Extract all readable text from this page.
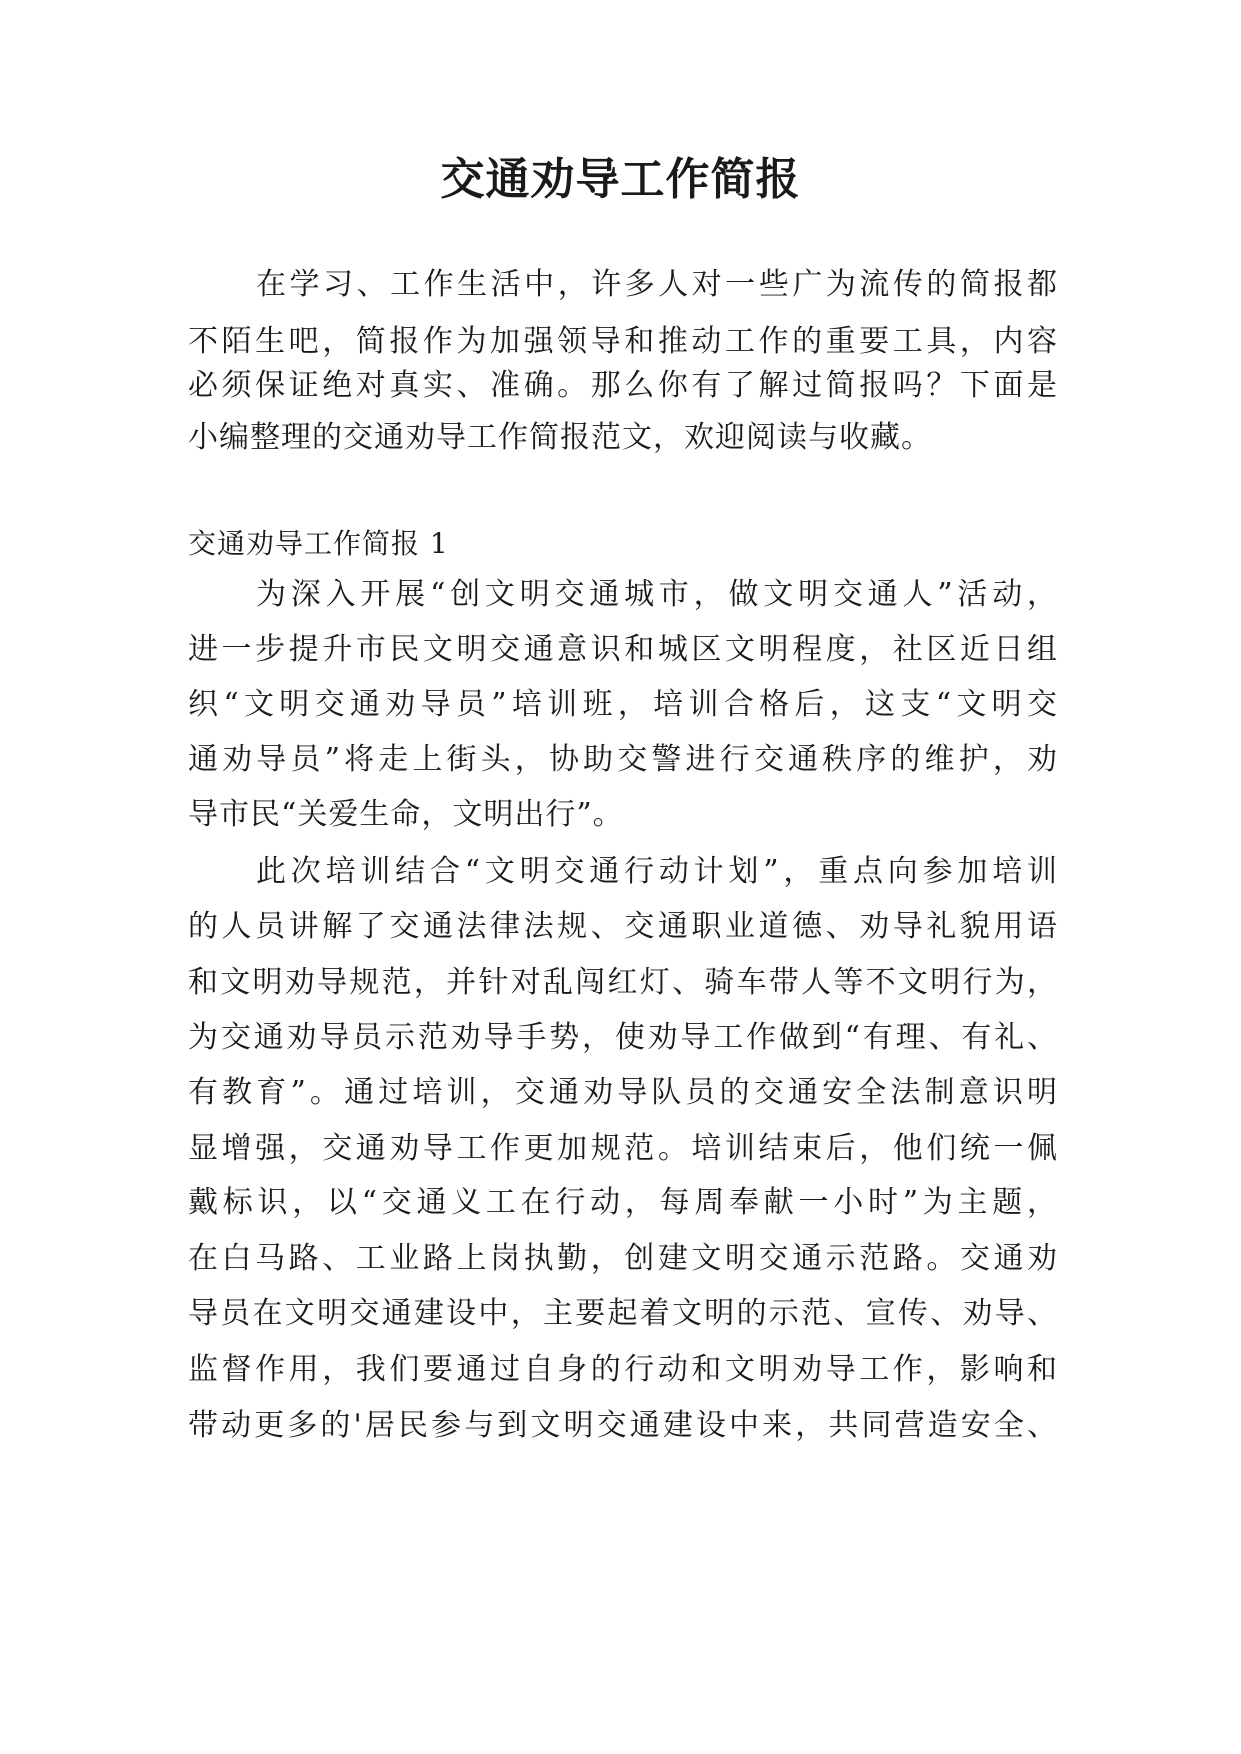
交通劝导工作简报
在学习、工作生活中，许多人对一些广为流传的简报都
不陌生吧，简报作为加强领导和推动工作的重要工具，内容
必须保证绝对真实、准确。那么你有了解过简报吗？下面是
小编整理的交通劝导工作简报范文，欢迎阅读与收藏。
交通劝导工作简报 1
为深入开展“创文明交通城市，做文明交通人”活动，
进一步提升市民文明交通意识和城区文明程度，社区近日组
织“文明交通劝导员”培训班，培训合格后，这支“文明交
通劝导员”将走上街头，协助交警进行交通秩序的维护，劝
导市民“关爱生命，文明出行”。
此次培训结合“文明交通行动计划”，重点向参加培训
的人员讲解了交通法律法规、交通职业道德、劝导礼貌用语
和文明劝导规范，并针对乱闯红灯、骑车带人等不文明行为，
为交通劝导员示范劝导手势，使劝导工作做到“有理、有礼、
有教育”。通过培训，交通劝导队员的交通安全法制意识明
显增强，交通劝导工作更加规范。培训结束后，他们统一佩
戴标识，以“交通义工在行动，每周奉献一小时”为主题，
在白马路、工业路上岗执勤，创建文明交通示范路。交通劝
导员在文明交通建设中，主要起着文明的示范、宣传、劝导、
监督作用，我们要通过自身的行动和文明劝导工作，影响和
带动更多的'居民参与到文明交通建设中来，共同营造安全、
